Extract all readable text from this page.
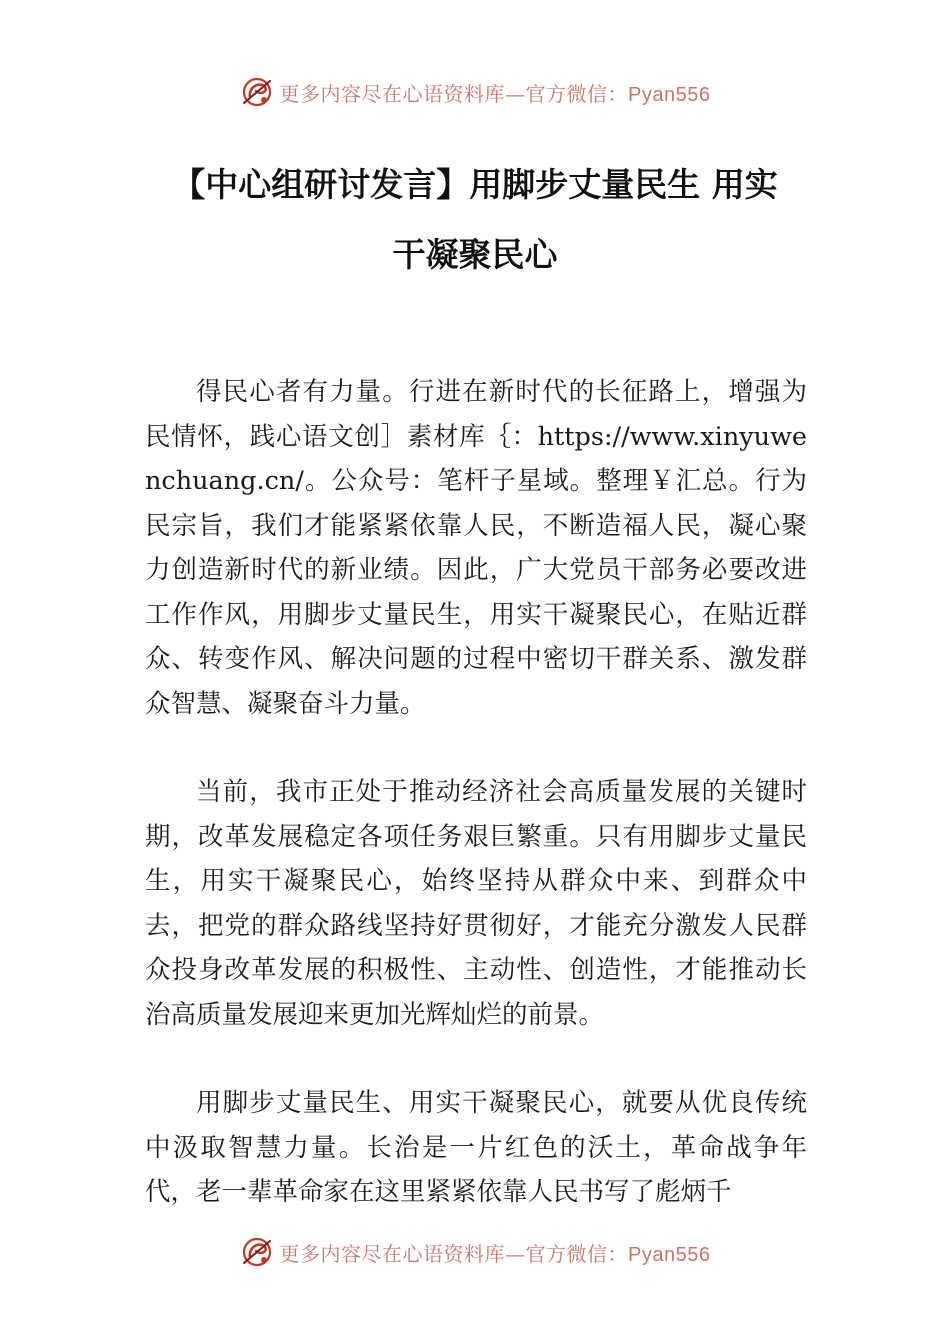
更多内容尽在心语资料库—官方微信：Pyan556
【中心组研讨发言】用脚步丈量民生 用实
干凝聚民心

得民心者有力量。行进在新时代的长征路上，增强为民情怀，践心语文创］素材库｛：https://www.xinyuwenchuang.cn/。公众号：笔杆子星域。整理￥汇总。行为民宗旨，我们才能紧紧依靠人民，不断造福人民，凝心聚力创造新时代的新业绩。因此，广大党员干部务必要改进工作作风，用脚步丈量民生，用实干凝聚民心，在贴近群众、转变作风、解决问题的过程中密切干群关系、激发群众智慧、凝聚奋斗力量。

当前，我市正处于推动经济社会高质量发展的关键时期，改革发展稳定各项任务艰巨繁重。只有用脚步丈量民生，用实干凝聚民心，始终坚持从群众中来、到群众中去，把党的群众路线坚持好贯彻好，才能充分激发人民群众投身改革发展的积极性、主动性、创造性，才能推动长治高质量发展迎来更加光辉灿烂的前景。

用脚步丈量民生、用实干凝聚民心，就要从优良传统中汲取智慧力量。长治是一片红色的沃土，革命战争年代，老一辈革命家在这里紧紧依靠人民书写了彪炳千

更多内容尽在心语资料库—官方微信：Pyan556
